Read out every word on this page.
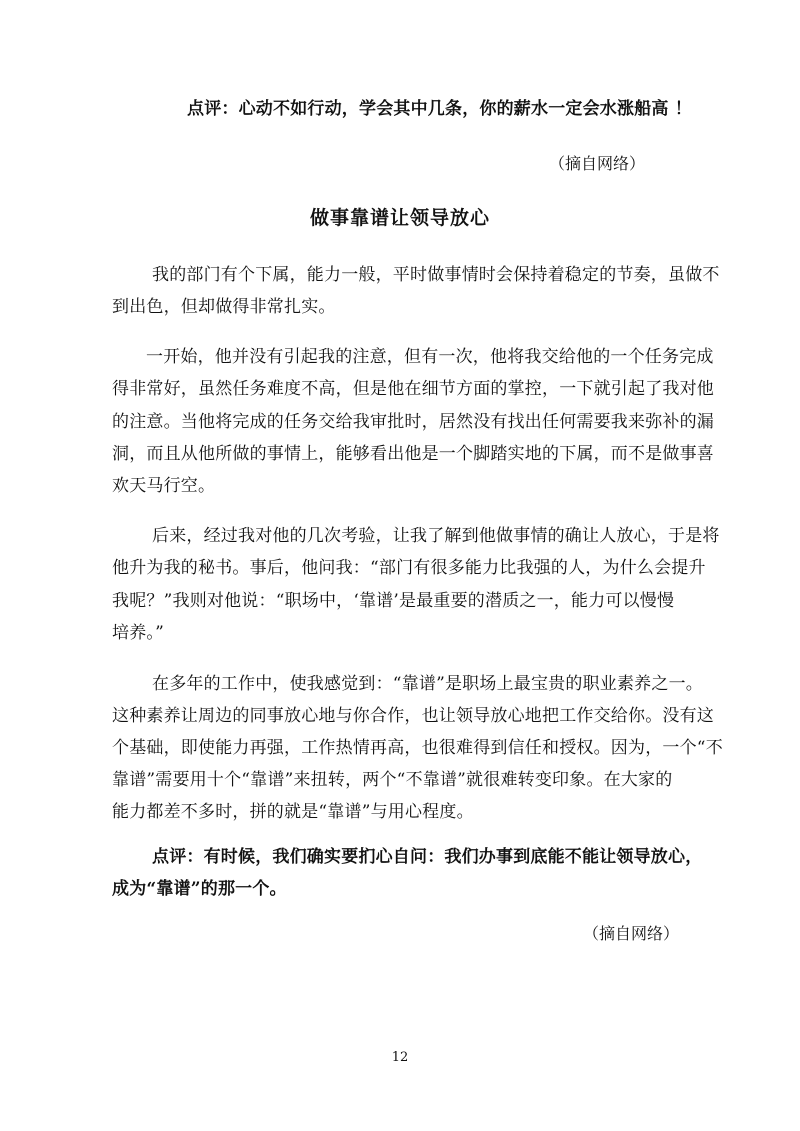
点评：心动不如行动，学会其中几条，你的薪水一定会水涨船高 ！
（摘自网络）
做事靠谱让领导放心
我的部门有个下属，能力一般，平时做事情时会保持着稳定的节奏，虽做不
到出色，但却做得非常扎实。
一开始，他并没有引起我的注意，但有一次，他将我交给他的一个任务完成
得非常好，虽然任务难度不高，但是他在细节方面的掌控，一下就引起了我对他
的注意。当他将完成的任务交给我审批时，居然没有找出任何需要我来弥补的漏
洞，而且从他所做的事情上，能够看出他是一个脚踏实地的下属，而不是做事喜
欢天马行空。
后来，经过我对他的几次考验，让我了解到他做事情的确让人放心，于是将
他升为我的秘书。事后，他问我：“部门有很多能力比我强的人，为什么会提升
我呢？”我则对他说：“职场中，‘靠谱’是最重要的潜质之一，能力可以慢慢
培养。”
在多年的工作中，使我感觉到：“靠谱”是职场上最宝贵的职业素养之一。
这种素养让周边的同事放心地与你合作，也让领导放心地把工作交给你。没有这
个基础，即使能力再强，工作热情再高，也很难得到信任和授权。因为，一个“不
靠谱”需要用十个“靠谱”来扭转，两个“不靠谱”就很难转变印象。在大家的
能力都差不多时，拼的就是“靠谱”与用心程度。
点评：有时候，我们确实要扪心自问：我们办事到底能不能让领导放心，
成为“靠谱”的那一个。
（摘自网络）
12
